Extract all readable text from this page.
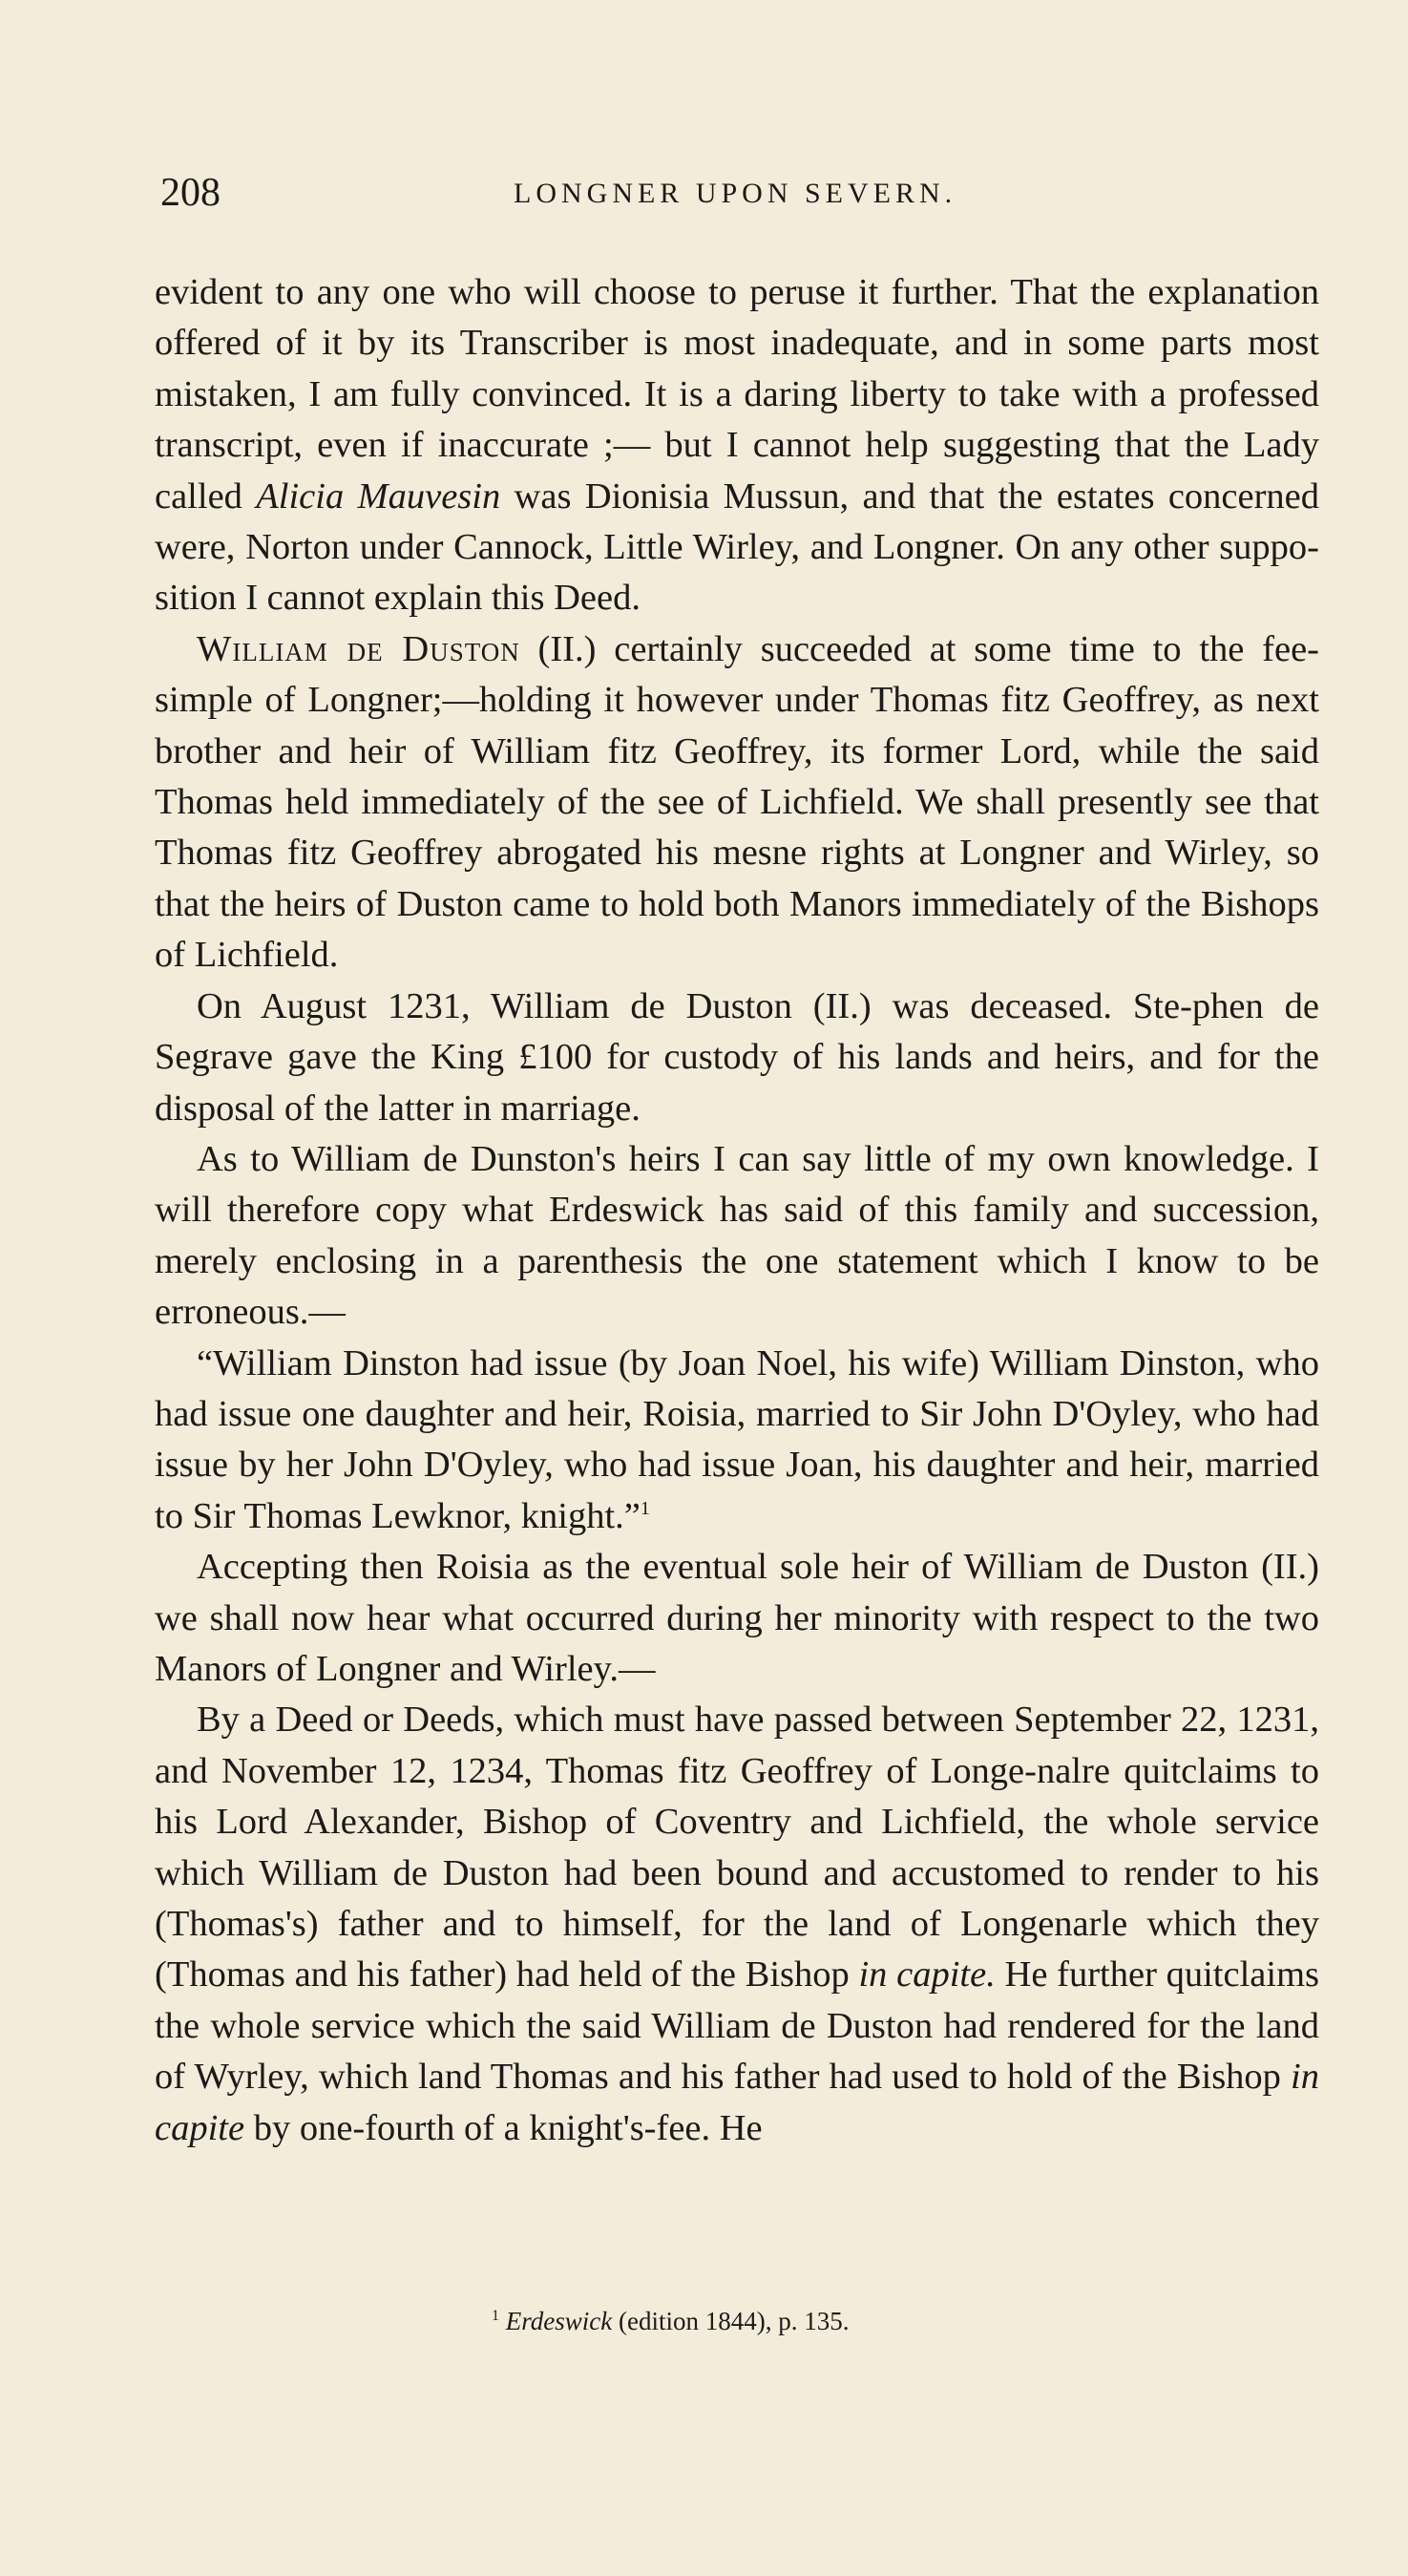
208	LONGNER UPON SEVERN.

evident to any one who will choose to peruse it further. That the explanation offered of it by its Transcriber is most inadequate, and in some parts most mistaken, I am fully convinced. It is a daring liberty to take with a professed transcript, even if inaccurate ;— but I cannot help suggesting that the Lady called Alicia Mauvesin was Dionisia Mussun, and that the estates concerned were, Norton under Cannock, Little Wirley, and Longner. On any other suppo-sition I cannot explain this Deed.

William de Duston (II.) certainly succeeded at some time to the fee-simple of Longner;—holding it however under Thomas fitz Geoffrey, as next brother and heir of William fitz Geoffrey, its former Lord, while the said Thomas held immediately of the see of Lichfield. We shall presently see that Thomas fitz Geoffrey abrogated his mesne rights at Longner and Wirley, so that the heirs of Duston came to hold both Manors immediately of the Bishops of Lichfield.

On August 1231, William de Duston (II.) was deceased. Ste-phen de Segrave gave the King £100 for custody of his lands and heirs, and for the disposal of the latter in marriage.

As to William de Dunston's heirs I can say little of my own knowledge. I will therefore copy what Erdeswick has said of this family and succession, merely enclosing in a parenthesis the one statement which I know to be erroneous.—

“William Dinston had issue (by Joan Noel, his wife) William Dinston, who had issue one daughter and heir, Roisia, married to Sir John D'Oyley, who had issue by her John D'Oyley, who had issue Joan, his daughter and heir, married to Sir Thomas Lewknor, knight.”$^1$

Accepting then Roisia as the eventual sole heir of William de Duston (II.) we shall now hear what occurred during her minority with respect to the two Manors of Longner and Wirley.—

By a Deed or Deeds, which must have passed between September 22, 1231, and November 12, 1234, Thomas fitz Geoffrey of Longe-nalre quitclaims to his Lord Alexander, Bishop of Coventry and Lichfield, the whole service which William de Duston had been bound and accustomed to render to his (Thomas's) father and to himself, for the land of Longenarle which they (Thomas and his father) had held of the Bishop in capite. He further quitclaims the whole service which the said William de Duston had rendered for the land of Wyrley, which land Thomas and his father had used to hold of the Bishop in capite by one-fourth of a knight's-fee. He

$^1$ Erdeswick (edition 1844), p. 135.
